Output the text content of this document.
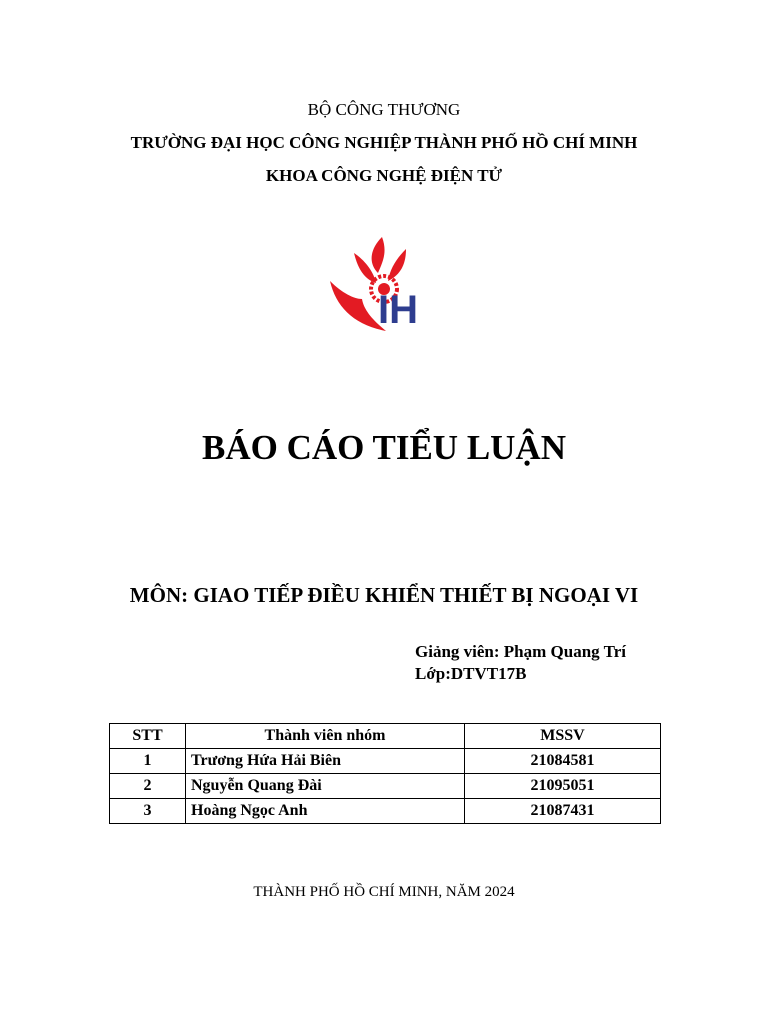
BỘ CÔNG THƯƠNG
TRƯỜNG ĐẠI HỌC CÔNG NGHIỆP THÀNH PHỐ HỒ CHÍ MINH
KHOA CÔNG NGHỆ ĐIỆN TỬ
IH
BÁO CÁO TIỂU LUẬN
MÔN: GIAO TIẾP ĐIỀU KHIỂN THIẾT BỊ NGOẠI VI
Giảng viên: Phạm Quang Trí
Lớp:DTVT17B
STT	Thành viên nhóm	MSSV
1	Trương Hứa Hải Biên	21084581
2	Nguyễn Quang Đài	21095051
3	Hoàng Ngọc Anh	21087431
THÀNH PHỐ HỒ CHÍ MINH, NĂM 2024
